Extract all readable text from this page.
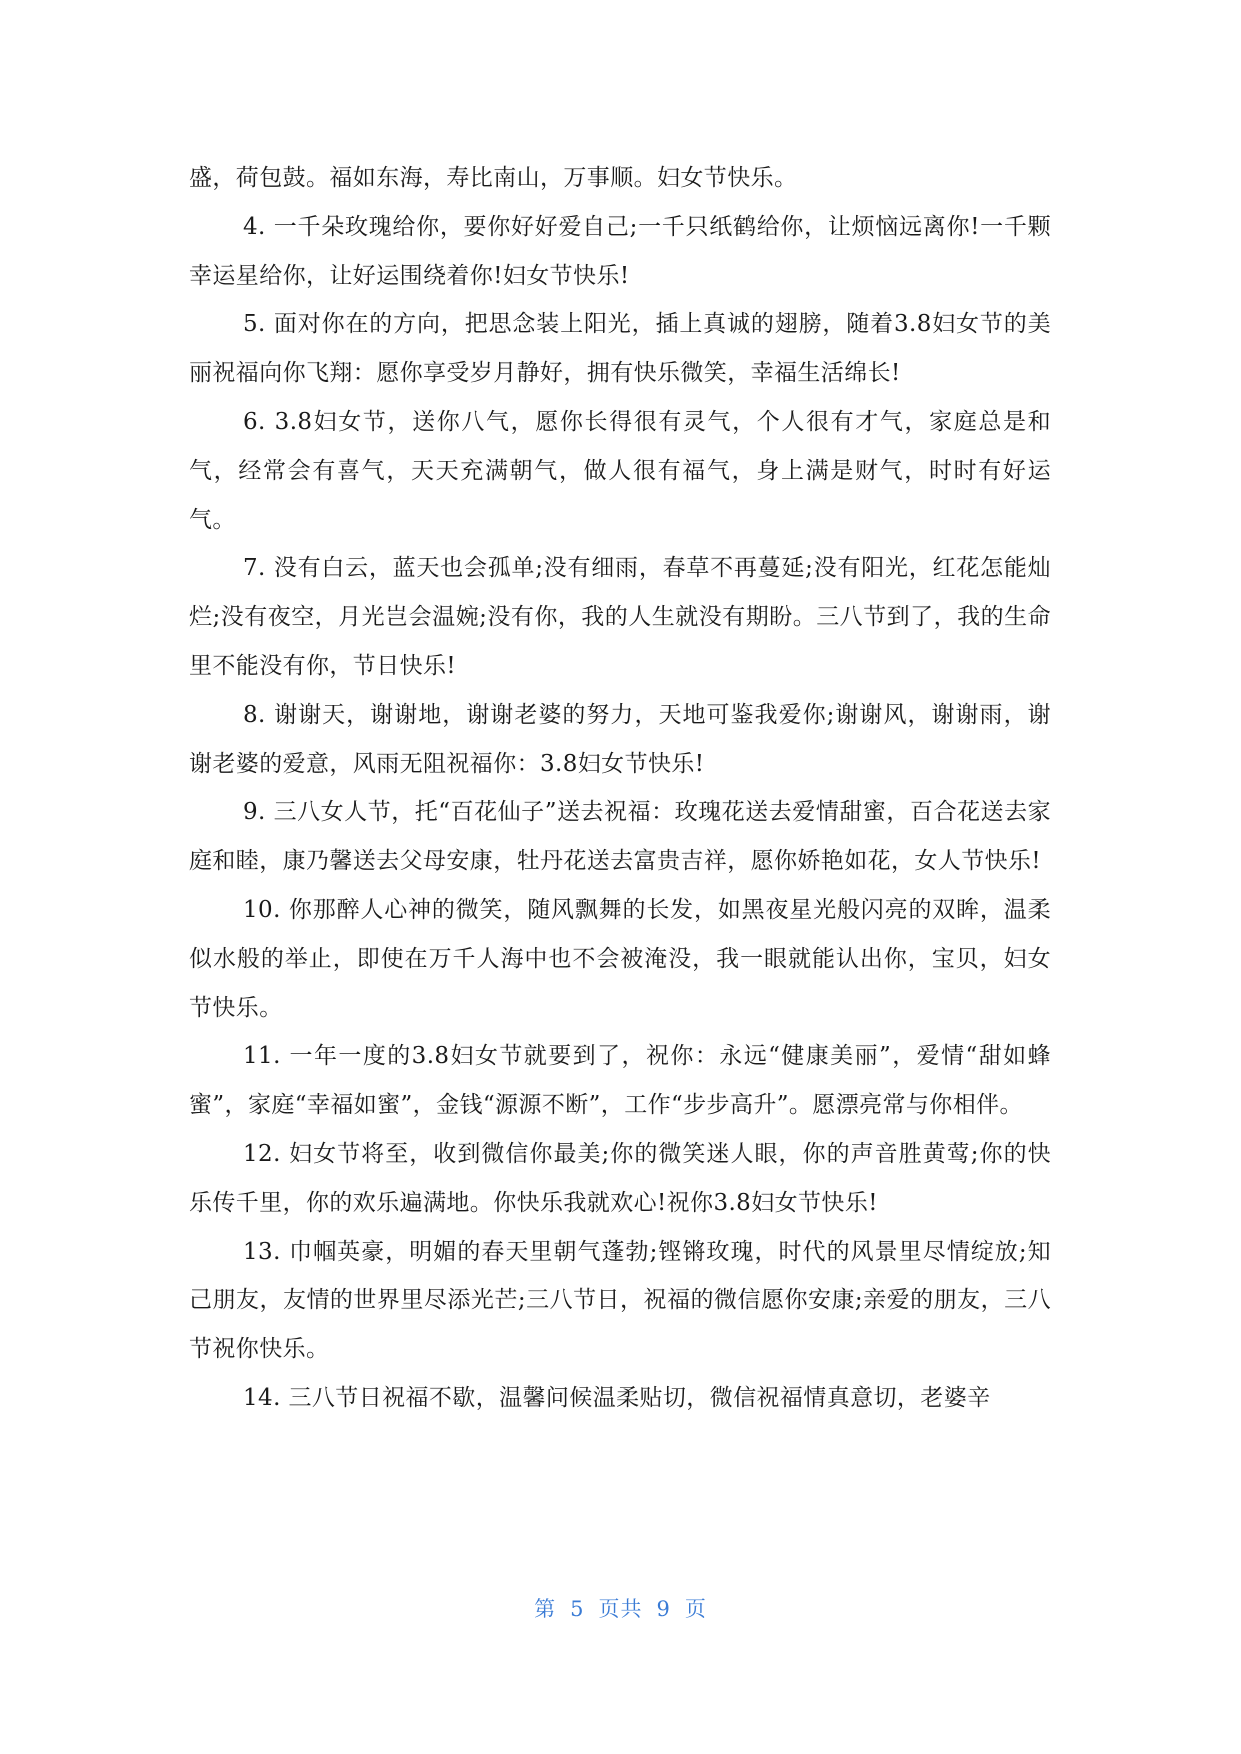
盛，荷包鼓。福如东海，寿比南山，万事顺。妇女节快乐。

4. 一千朵玫瑰给你，要你好好爱自己;一千只纸鹤给你，让烦恼远离你!一千颗幸运星给你，让好运围绕着你!妇女节快乐!

5. 面对你在的方向，把思念装上阳光，插上真诚的翅膀，随着3.8妇女节的美丽祝福向你飞翔：愿你享受岁月静好，拥有快乐微笑，幸福生活绵长!

6. 3.8妇女节，送你八气，愿你长得很有灵气，个人很有才气，家庭总是和气，经常会有喜气，天天充满朝气，做人很有福气，身上满是财气，时时有好运气。

7. 没有白云，蓝天也会孤单;没有细雨，春草不再蔓延;没有阳光，红花怎能灿烂;没有夜空，月光岂会温婉;没有你，我的人生就没有期盼。三八节到了，我的生命里不能没有你，节日快乐!

8. 谢谢天，谢谢地，谢谢老婆的努力，天地可鉴我爱你;谢谢风，谢谢雨，谢谢老婆的爱意，风雨无阻祝福你：3.8妇女节快乐!

9. 三八女人节，托“百花仙子”送去祝福：玫瑰花送去爱情甜蜜，百合花送去家庭和睦，康乃馨送去父母安康，牡丹花送去富贵吉祥，愿你娇艳如花，女人节快乐!

10. 你那醉人心神的微笑，随风飘舞的长发，如黑夜星光般闪亮的双眸，温柔似水般的举止，即使在万千人海中也不会被淹没，我一眼就能认出你，宝贝，妇女节快乐。

11. 一年一度的3.8妇女节就要到了，祝你：永远“健康美丽”，爱情“甜如蜂蜜”，家庭“幸福如蜜”，金钱“源源不断”，工作“步步高升”。愿漂亮常与你相伴。

12. 妇女节将至，收到微信你最美;你的微笑迷人眼，你的声音胜黄莺;你的快乐传千里，你的欢乐遍满地。你快乐我就欢心!祝你3.8妇女节快乐!

13. 巾帼英豪，明媚的春天里朝气蓬勃;铿锵玫瑰，时代的风景里尽情绽放;知己朋友，友情的世界里尽添光芒;三八节日，祝福的微信愿你安康;亲爱的朋友，三八节祝你快乐。

14. 三八节日祝福不歇，温馨问候温柔贴切，微信祝福情真意切，老婆辛

第 5 页共 9 页
